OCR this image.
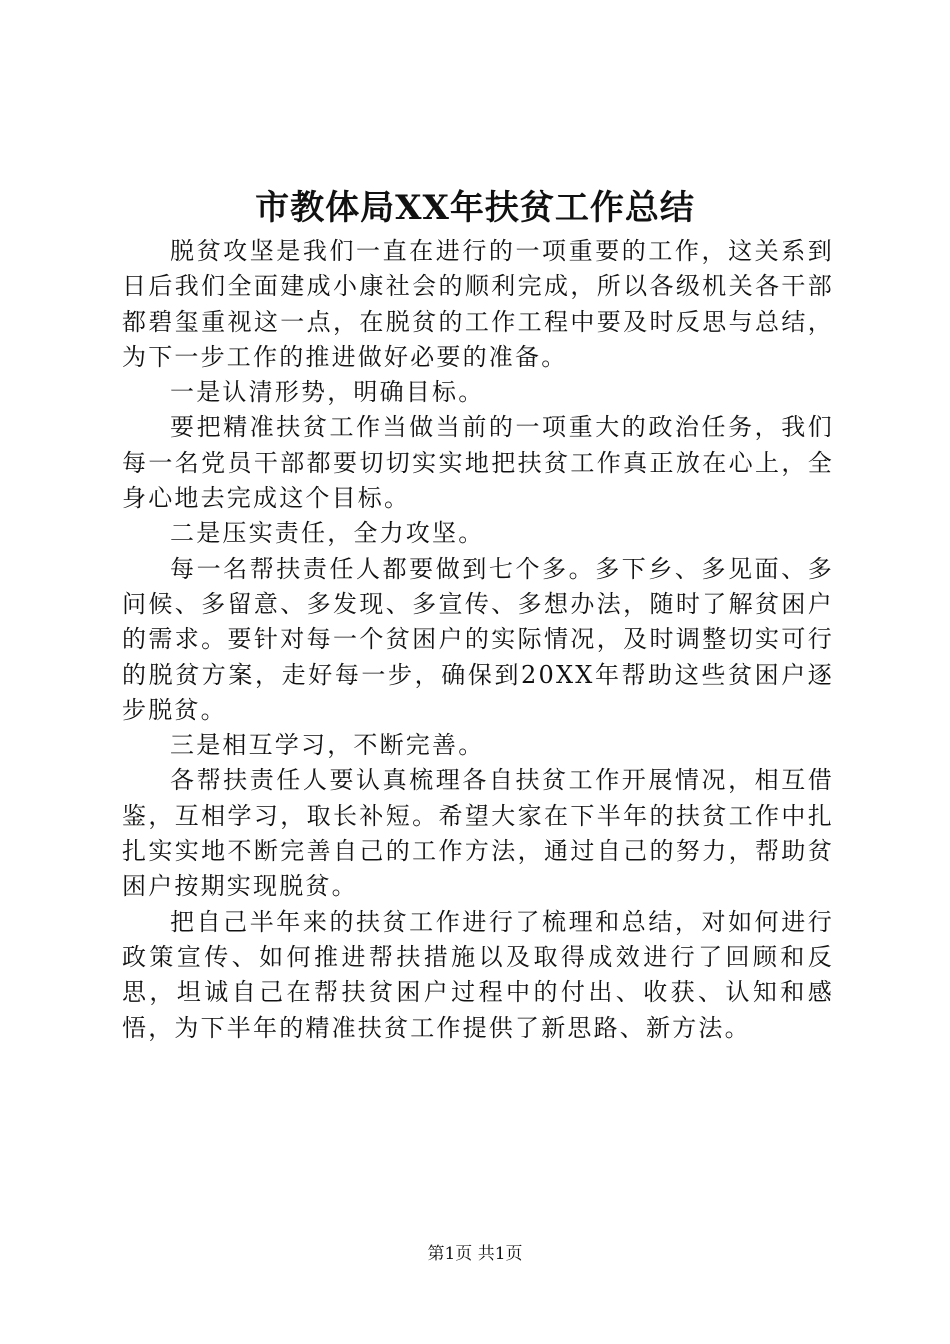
市教体局XX年扶贫工作总结

脱贫攻坚是我们一直在进行的一项重要的工作，这关系到日后我们全面建成小康社会的顺利完成，所以各级机关各干部都碧玺重视这一点，在脱贫的工作工程中要及时反思与总结，为下一步工作的推进做好必要的准备。

一是认清形势，明确目标。

要把精准扶贫工作当做当前的一项重大的政治任务，我们每一名党员干部都要切切实实地把扶贫工作真正放在心上，全身心地去完成这个目标。

二是压实责任，全力攻坚。

每一名帮扶责任人都要做到七个多。多下乡、多见面、多问候、多留意、多发现、多宣传、多想办法，随时了解贫困户的需求。要针对每一个贫困户的实际情况，及时调整切实可行的脱贫方案，走好每一步，确保到20XX年帮助这些贫困户逐步脱贫。

三是相互学习，不断完善。

各帮扶责任人要认真梳理各自扶贫工作开展情况，相互借鉴，互相学习，取长补短。希望大家在下半年的扶贫工作中扎扎实实地不断完善自己的工作方法，通过自己的努力，帮助贫困户按期实现脱贫。

把自己半年来的扶贫工作进行了梳理和总结，对如何进行政策宣传、如何推进帮扶措施以及取得成效进行了回顾和反思，坦诚自己在帮扶贫困户过程中的付出、收获、认知和感悟，为下半年的精准扶贫工作提供了新思路、新方法。

第1页 共1页
